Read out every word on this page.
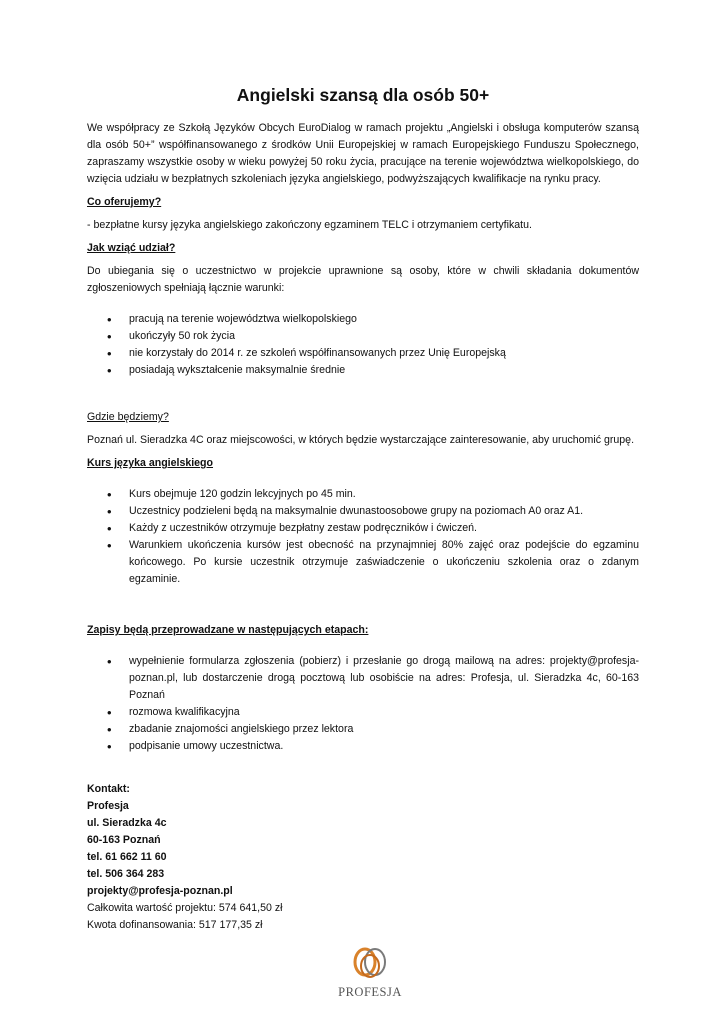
Angielski szansą dla osób 50+
We współpracy ze Szkołą Języków Obcych EuroDialog w ramach projektu „Angielski i obsługa komputerów szansą dla osób 50+” współfinansowanego z środków Unii Europejskiej w ramach Europejskiego Funduszu Społecznego, zapraszamy wszystkie osoby w wieku powyżej 50 roku życia, pracujące na terenie województwa wielkopolskiego, do wzięcia udziału w bezpłatnych szkoleniach języka angielskiego, podwyższających kwalifikacje na rynku pracy.
Co oferujemy?
- bezpłatne kursy języka angielskiego zakończony egzaminem TELC i otrzymaniem certyfikatu.
Jak wziąć udział?
Do ubiegania się o uczestnictwo w projekcie uprawnione są osoby, które w chwili składania dokumentów zgłoszeniowych spełniają łącznie warunki:
• pracują na terenie województwa wielkopolskiego
• ukończyły 50 rok życia
• nie korzystały do 2014 r. ze szkoleń współfinansowanych przez Unię Europejską
• posiadają wykształcenie maksymalnie średnie
Gdzie będziemy?
Poznań ul. Sieradzka 4C oraz miejscowości, w których będzie wystarczające zainteresowanie, aby uruchomić grupę.
Kurs języka angielskiego
• Kurs obejmuje 120 godzin lekcyjnych po 45 min.
• Uczestnicy podzieleni będą na maksymalnie dwunastoosobowe grupy na poziomach A0 oraz A1.
• Każdy z uczestników otrzymuje bezpłatny zestaw podręczników i ćwiczeń.
• Warunkiem ukończenia kursów jest obecność na przynajmniej 80% zajęć oraz podejście do egzaminu końcowego. Po kursie uczestnik otrzymuje zaświadczenie o ukończeniu szkolenia oraz o zdanym egzaminie.
Zapisy będą przeprowadzane w następujących etapach:
• wypełnienie formularza zgłoszenia (pobierz) i przesłanie go drogą mailową na adres: projekty@profesja-poznan.pl, lub dostarczenie drogą pocztową lub osobiście na adres: Profesja, ul. Sieradzka 4c, 60-163 Poznań
• rozmowa kwalifikacyjna
• zbadanie znajomości angielskiego przez lektora
• podpisanie umowy uczestnictwa.
Kontakt:
Profesja
ul. Sieradzka 4c
60-163 Poznań
tel. 61 662 11 60
tel. 506 364 283
projekty@profesja-poznan.pl
Całkowita wartość projektu: 574 641,50 zł
Kwota dofinansowania: 517 177,35 zł
PROFESJA
